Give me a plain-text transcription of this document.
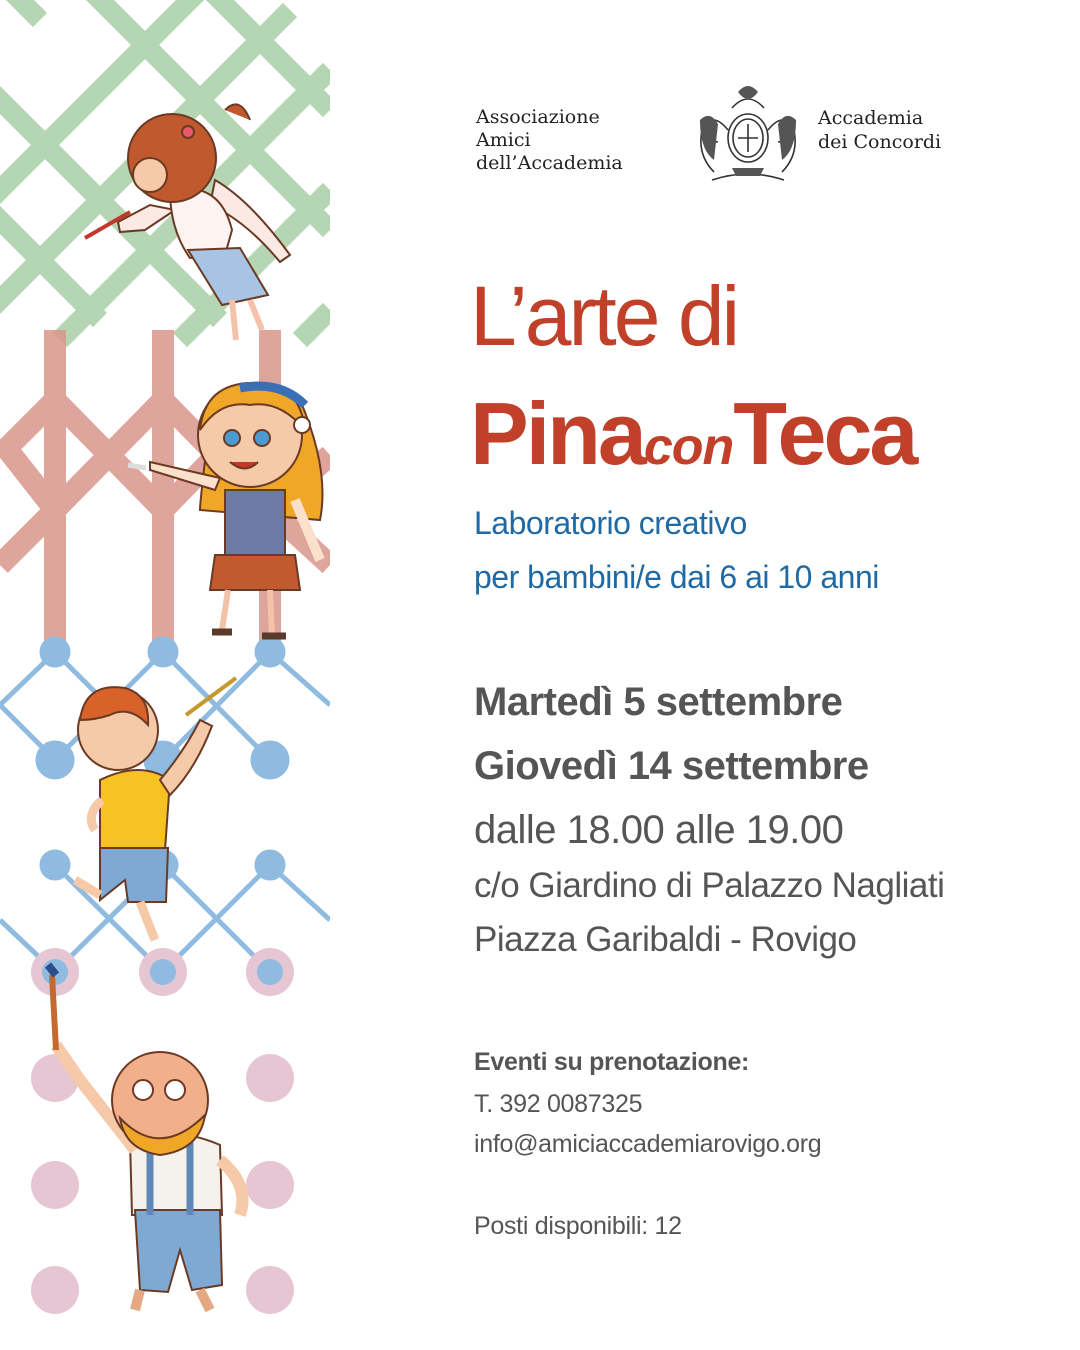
Associazione
Amici
dell’Accademia
Accademia
dei Concordi
L’arte di
PinaconTeca
Laboratorio creativo
per bambini/e dai 6 ai 10 anni
Martedì 5 settembre
Giovedì 14 settembre
dalle 18.00 alle 19.00
c/o Giardino di Palazzo Nagliati
Piazza Garibaldi - Rovigo
Eventi su prenotazione:
T. 392 0087325
info@amiciaccademiarovigo.org
Posti disponibili: 12
